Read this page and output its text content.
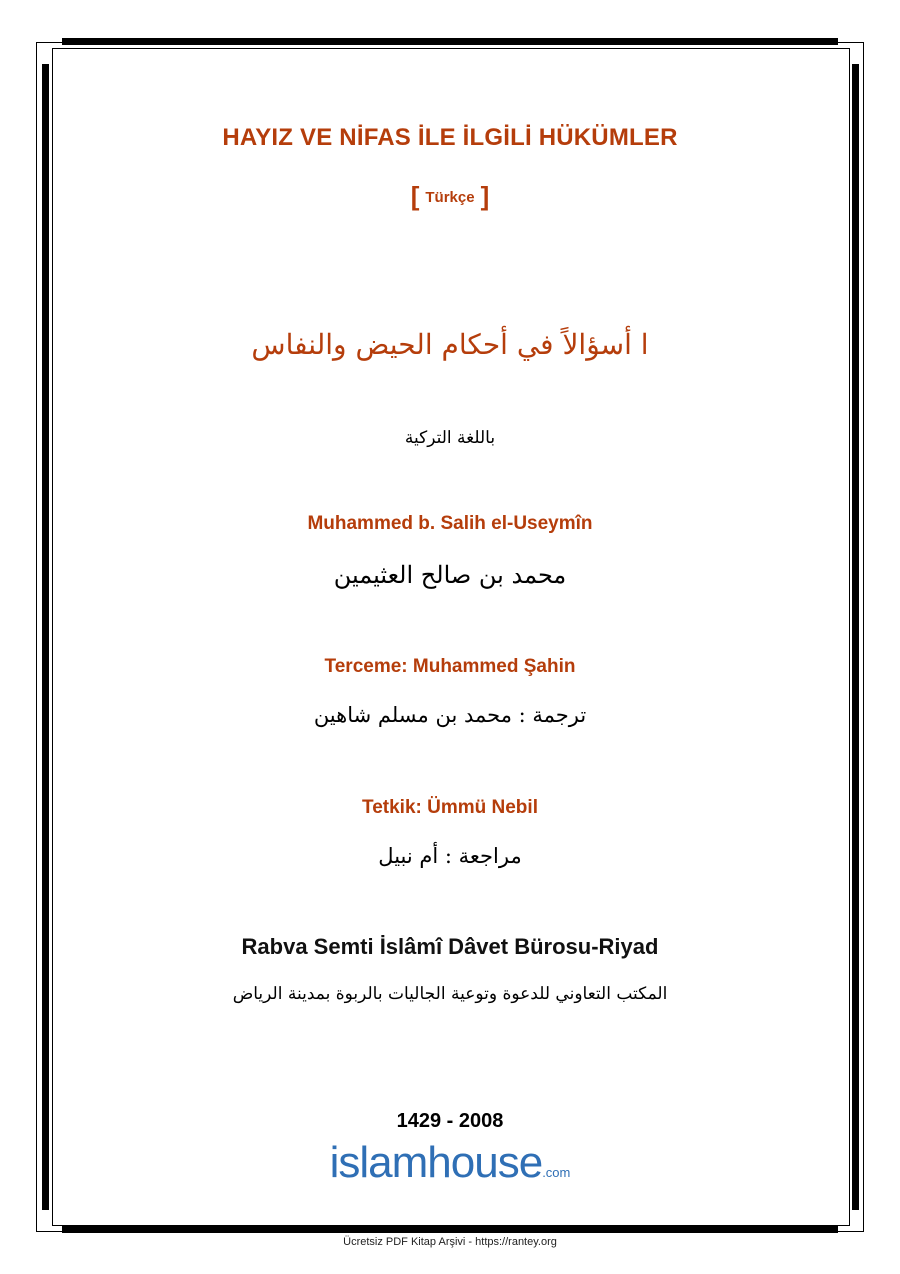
HAYIZ VE NİFAS İLE İLGİLİ HÜKÜMLER
[ Türkçe ]
ا أسؤالاً في أحكام الحيض والنفاس
باللغة التركية
Muhammed b. Salih el-Useymîn
محمد بن صالح العثيمين
Terceme: Muhammed Şahin
ترجمة : محمد بن مسلم شاهين
Tetkik: Ümmü Nebil
مراجعة : أم نبيل
Rabva Semti İslâmî Dâvet Bürosu-Riyad
المكتب التعاوني للدعوة وتوعية الجاليات بالربوة بمدينة الرياض
1429 - 2008
islamhouse.com
Ücretsiz PDF Kitap Arşivi - https://rantey.org
